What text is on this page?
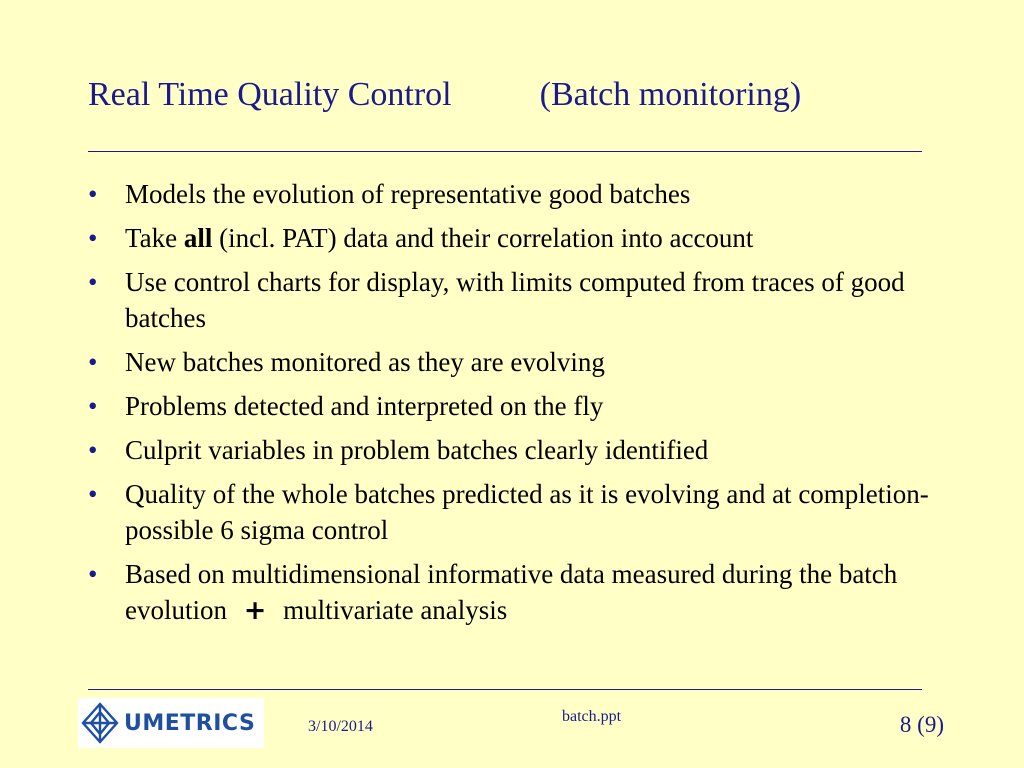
Real Time Quality Control	(Batch monitoring)
• Models the evolution of representative good batches
• Take all (incl. PAT) data and their correlation into account
• Use control charts for display, with limits computed from traces of good batches
• New batches monitored as they are evolving
• Problems detected and interpreted on the fly
• Culprit variables in problem batches clearly identified
• Quality of the whole batches predicted as it is evolving and at completion- possible 6 sigma control
• Based on multidimensional informative data measured during the batch evolution + multivariate analysis
UMETRICS	3/10/2014
batch.ppt	8 (9)
